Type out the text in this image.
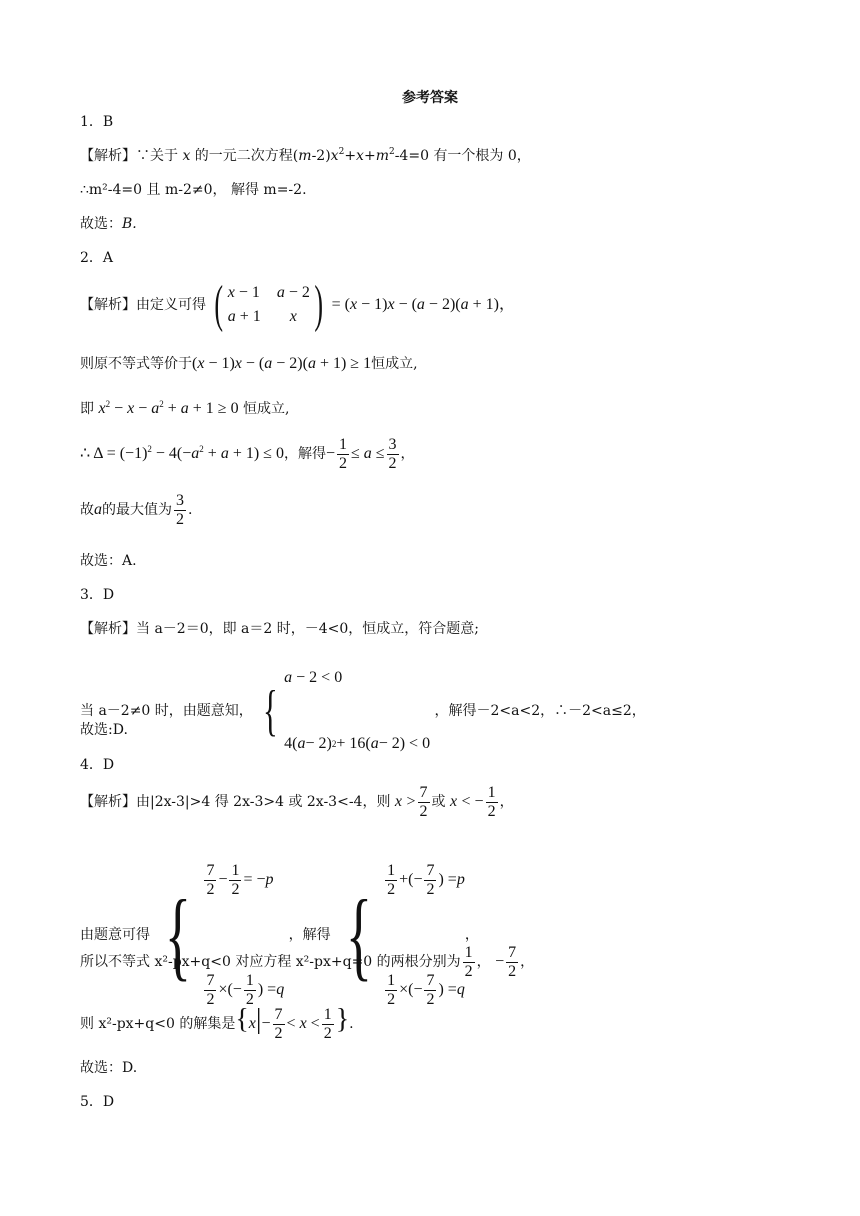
参考答案
1．B
【解析】∵关于 x 的一元二次方程$(m-2)x^2+x+m^2-4=0$ 有一个根为 0，
∴m²-4=0 且 m-2≠0， 解得 m=-2.
故选：B.
2．A
【解析】由定义可得 ( x − 1 a − 2
a + 1	x ) = (x − 1)x − (a − 2)(a + 1)，
则原不等式等价于(x − 1)x − (a − 2)(a + 1) ≥ 1恒成立,
即 $x^2 - x - a^2 + a + 1 \ge 0$ 恒成立,
∴ $\Delta = (-1)^2 - 4(-a^2 + a + 1) \le 0$，解得− $\frac{1}{2} \le a \le \frac{3}{2}$ ，
故a的最大值为 $\frac{3}{2}$ .
故选：A.
3．D
【解析】当 a－2＝0，即 a＝2 时，－4<0，恒成立，符合题意;
当 a－2≠0 时，由题意知， {
a − 2 < 0
4( a − 2) 2 + 16( a − 2) < 0
，解得－2<a<2，∴－2<a≤2，
故选:D.
4．D
【解析】由|2x-3|>4 得 2x-3>4 或 2x-3<-4，则 $x > \frac{7}{2}$ 或 x < − $\frac{1}{2}$ ，
由题意可得 { $\frac{7}{2} - \frac{1}{2}$ = − p
$\frac{7}{2}$ ×(− $\frac{1}{2}$ ) = q
，解得 { $\frac{1}{2}$ +(− $\frac{7}{2}$ ) = p
$\frac{1}{2}$ ×(− $\frac{7}{2}$ ) = q
，
所以不等式 x²-px+q<0 对应方程 x²-px+q=0 的两根分别为 $\frac{1}{2}$ ， − $\frac{7}{2}$ ，
则 x²-px+q<0 的解集是{$x|- \frac{7}{2} < x < \frac{1}{2}$ }.
故选：D.
5．D
